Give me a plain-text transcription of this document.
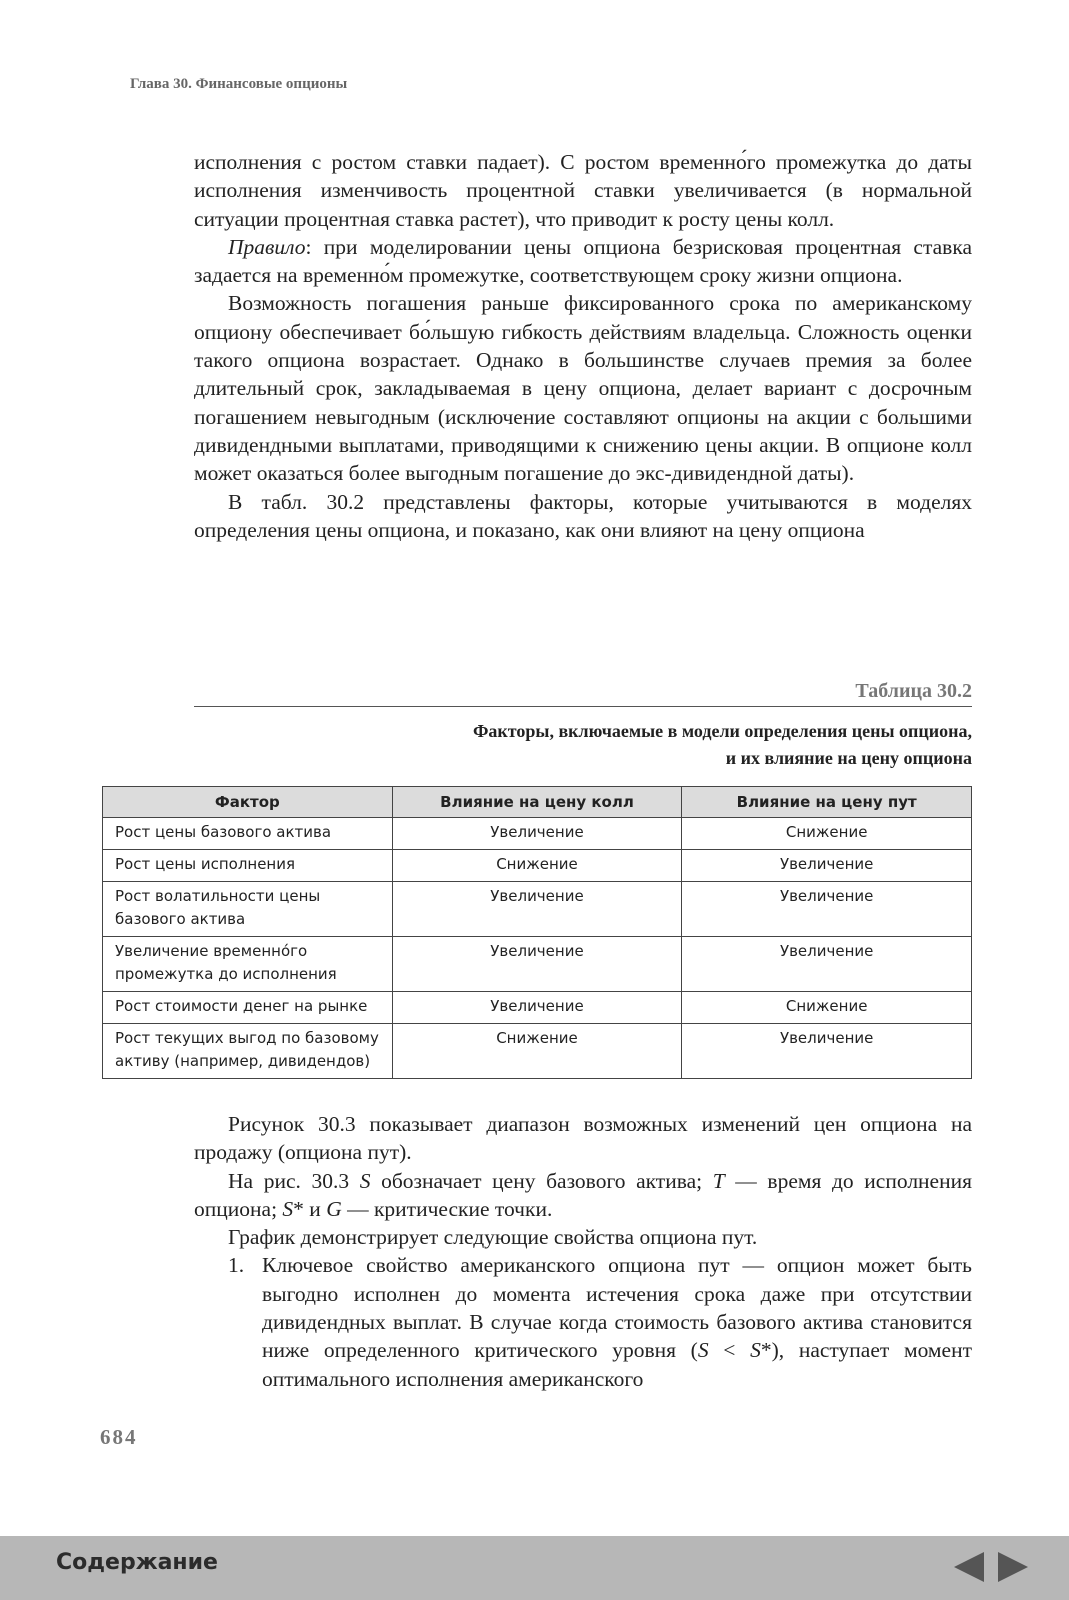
Глава 30. Финансовые опционы

исполнения с ростом ставки падает). С ростом временно́го промежутка до даты исполнения изменчивость процентной ставки увеличивается (в нормальной ситуации процентная ставка растет), что приводит к росту цены колл.

Правило: при моделировании цены опциона безрисковая процентная ставка задается на временно́м промежутке, соответствующем сроку жизни опциона.

Возможность погашения раньше фиксированного срока по американскому опциону обеспечивает бо́льшую гибкость действиям владельца. Сложность оценки такого опциона возрастает. Однако в большинстве случаев премия за более длительный срок, закладываемая в цену опциона, делает вариант с досрочным погашением невыгодным (исключение составляют опционы на акции с большими дивидендными выплатами, приводящими к снижению цены акции. В опционе колл может оказаться более выгодным погашение до экс-дивидендной даты).

В табл. 30.2 представлены факторы, которые учитываются в моделях определения цены опциона, и показано, как они влияют на цену опциона

Таблица 30.2
Факторы, включаемые в модели определения цены опциона,
и их влияние на цену опциона
Фактор	Влияние на цену колл	Влияние на цену пут
Рост цены базового актива	Увеличение	Снижение
Рост цены исполнения	Снижение	Увеличение
Рост волатильности цены базового актива	Увеличение	Увеличение
Увеличение временно́го промежутка до исполнения	Увеличение	Увеличение
Рост стоимости денег на рынке	Увеличение	Снижение
Рост текущих выгод по базовому активу (например, дивидендов)	Снижение	Увеличение

Рисунок 30.3 показывает диапазон возможных изменений цен опциона на продажу (опциона пут).

На рис. 30.3 S обозначает цену базового актива; T — время до исполнения опциона; S* и G — критические точки.

График демонстрирует следующие свойства опциона пут.

1. Ключевое свойство американского опциона пут — опцион может быть выгодно исполнен до момента истечения срока даже при отсутствии дивидендных выплат. В случае когда стоимость базового актива становится ниже определенного критического уровня (S < S*), наступает момент оптимального исполнения американского
684
Содержание
